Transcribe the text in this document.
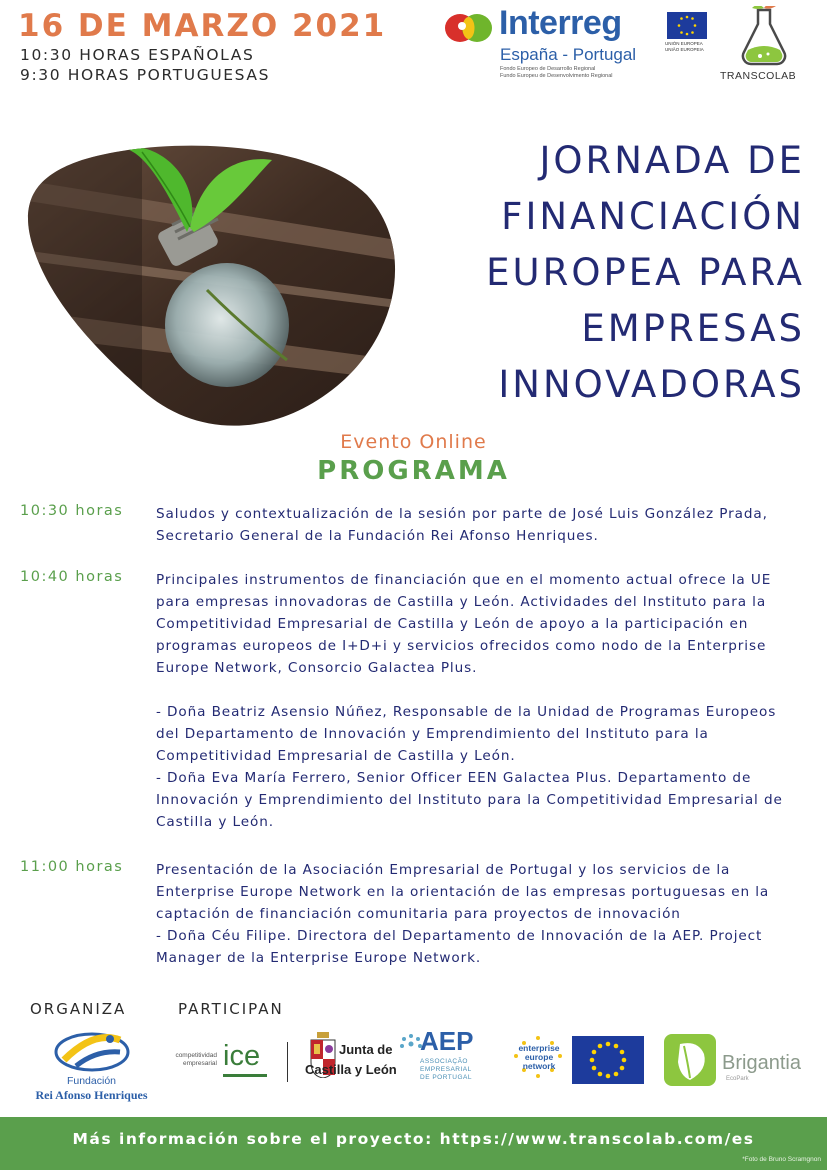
16 DE MARZO 2021
10:30 HORAS ESPAÑOLAS
9:30 HORAS PORTUGUESAS
Interreg
España - Portugal
Fondo Europeo de Desarrollo Regional
Fundo Europeu de Desenvolvimento Regional
UNIÓN EUROPEA
UNIÃO EUROPEIA
TRANSCOLAB
JORNADA DE
FINANCIACIÓN
EUROPEA PARA
EMPRESAS
INNOVADORAS
Evento Online
PROGRAMA
10:30 horas Saludos y contextualización de la sesión por parte de José Luis González Prada, Secretario General de la Fundación Rei Afonso Henriques.

10:40 horas Principales instrumentos de financiación que en el momento actual ofrece la UE para empresas innovadoras de Castilla y León. Actividades del Instituto para la Competitividad Empresarial de Castilla y León de apoyo a la participación en programas europeos de I+D+i y servicios ofrecidos como nodo de la Enterprise Europe Network, Consorcio Galactea Plus.

- Doña Beatriz Asensio Núñez, Responsable de la Unidad de Programas Europeos del Departamento de Innovación y Emprendimiento del Instituto para la Competitividad Empresarial de Castilla y León.

- Doña Eva María Ferrero, Senior Officer EEN Galactea Plus. Departamento de Innovación y Emprendimiento del Instituto para la Competitividad Empresarial de Castilla y León.

11:00 horas Presentación de la Asociación Empresarial de Portugal y los servicios de la Enterprise Europe Network en la orientación de las empresas portuguesas en la captación de financiación comunitaria para proyectos de innovación

- Doña Céu Filipe. Directora del Departamento de Innovación de la AEP. Project Manager de la Enterprise Europe Network.

ORGANIZA	PARTICIPAN
Fundación
Rei Afonso Henriques
competitividad
empresarial ice	Junta de
Castilla y León
AEP
ASSOCIAÇÃO
EMPRESARIAL
DE PORTUGAL
enterprise
europe
network	Brigantia
EcoPark
Más información sobre el proyecto: https://www.transcolab.com/es
*Foto de Bruno Scramgnon
